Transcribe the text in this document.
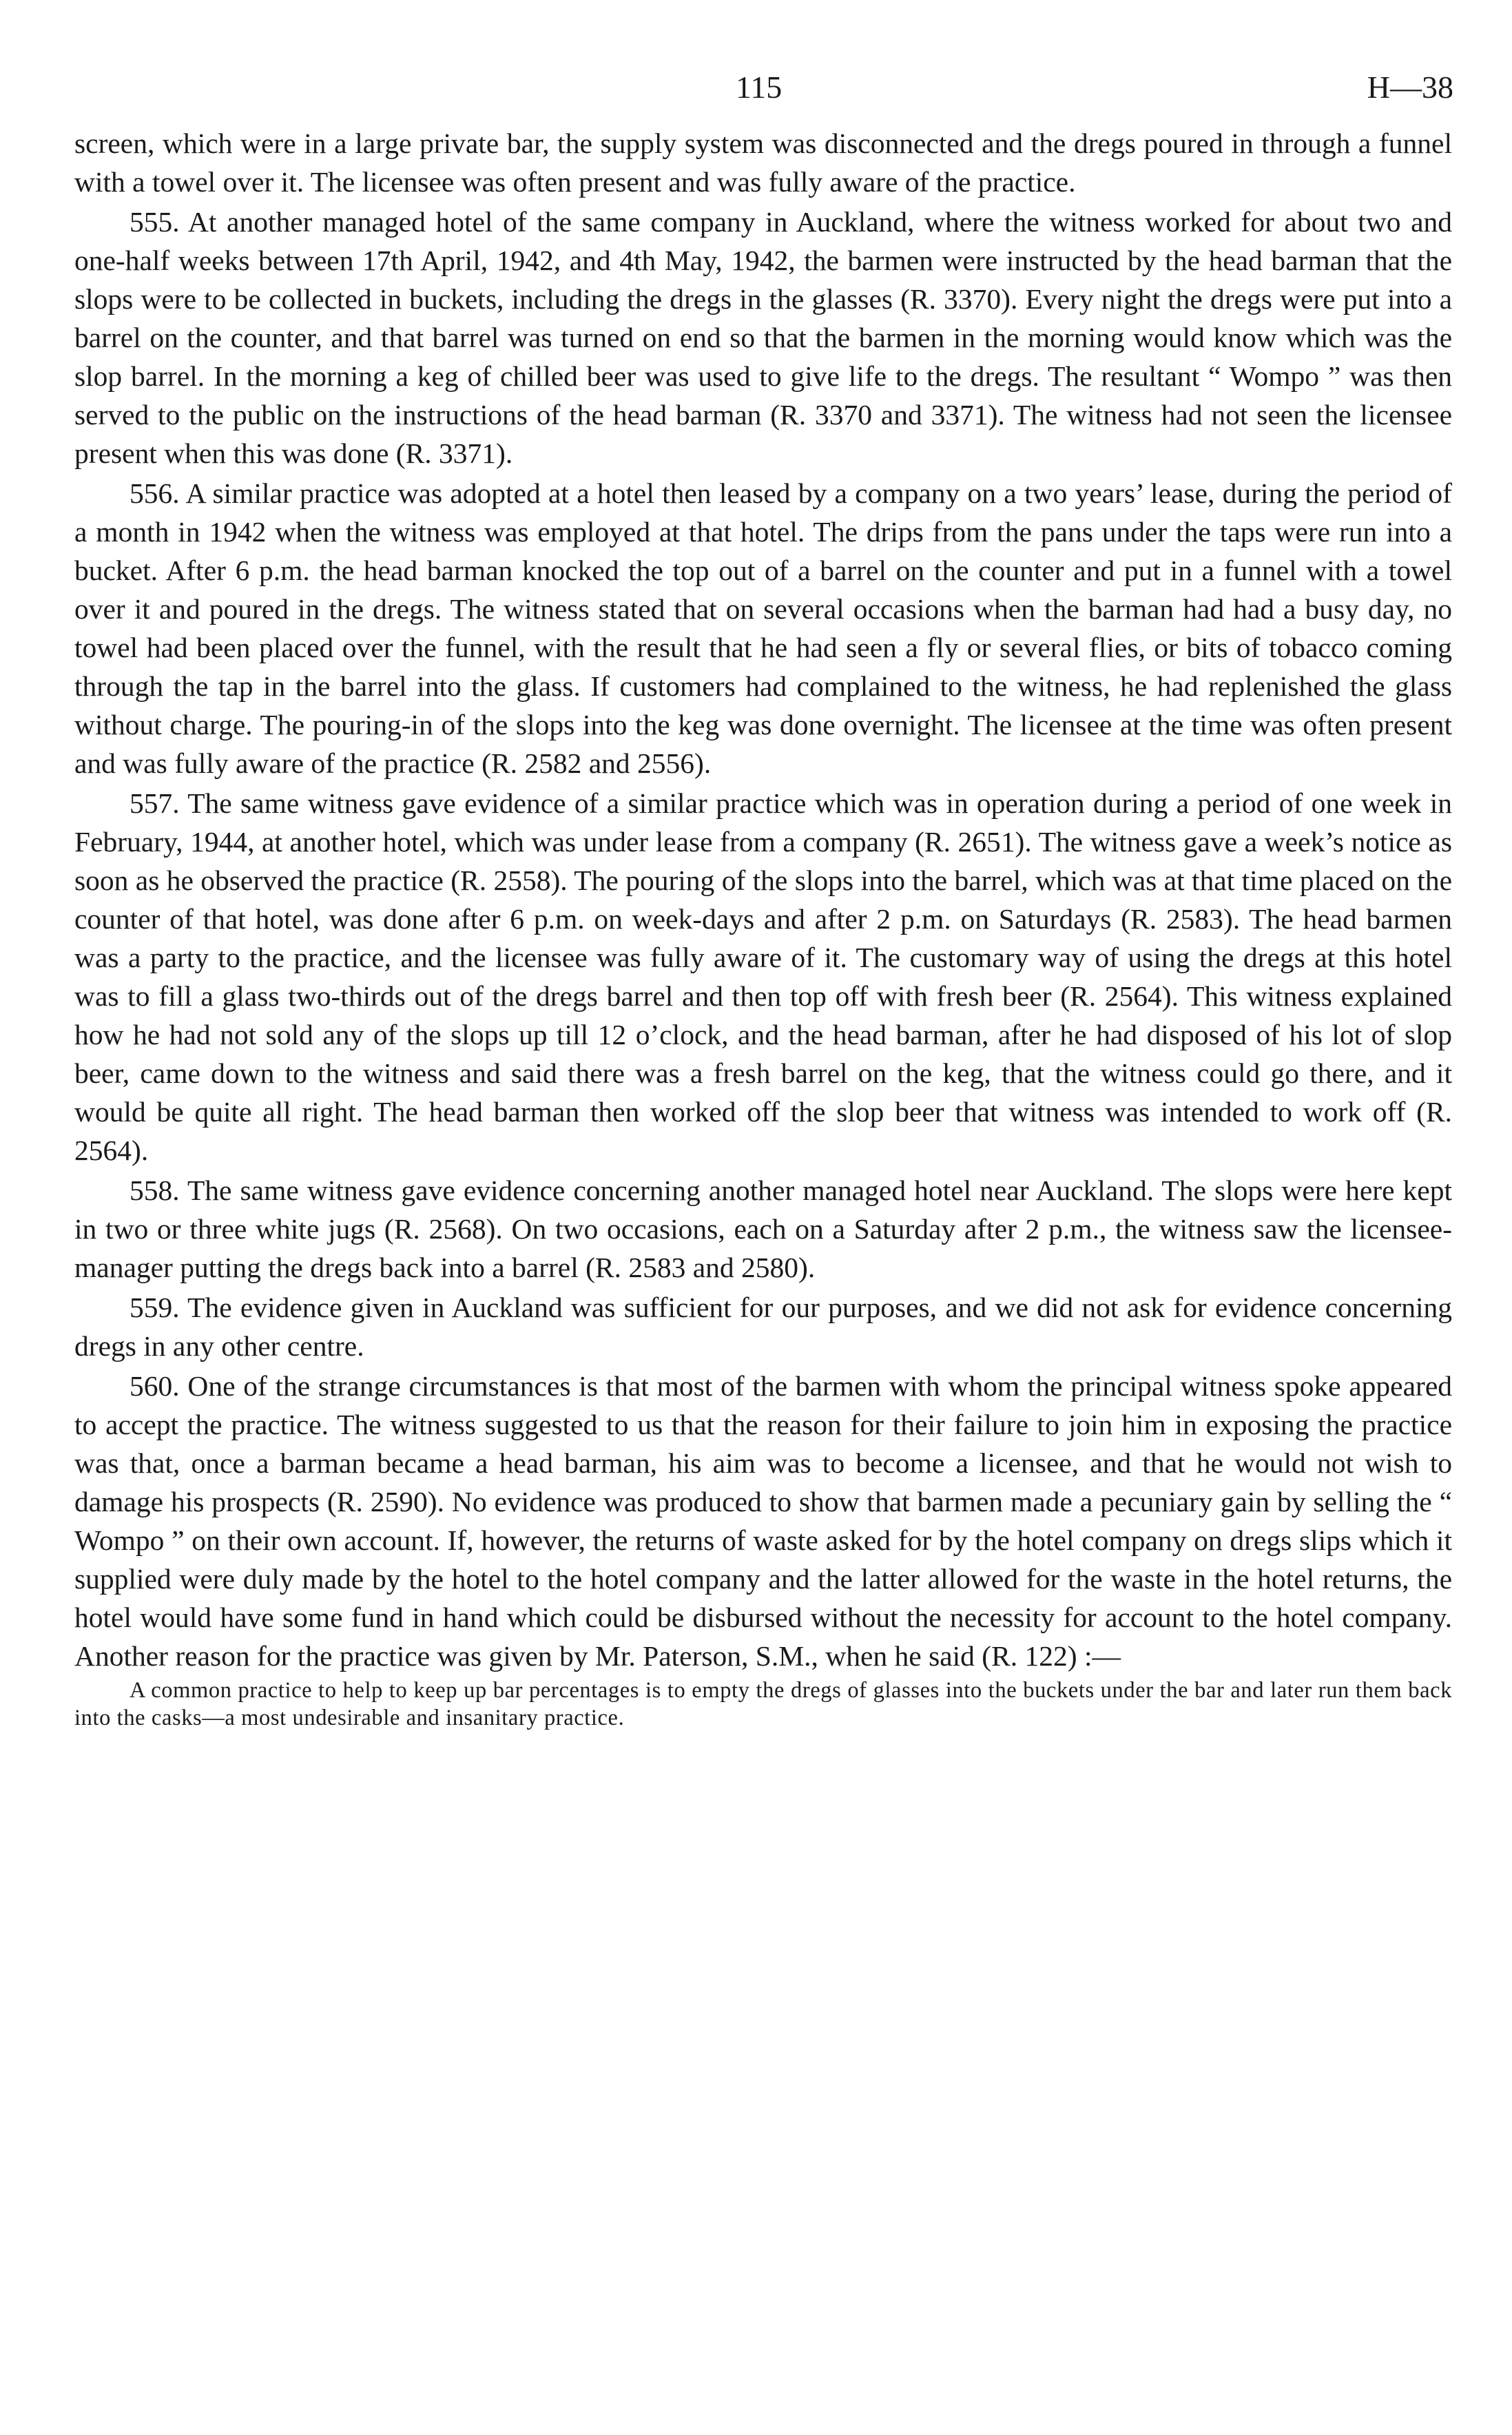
115	H—38

screen, which were in a large private bar, the supply system was disconnected and the dregs poured in through a funnel with a towel over it. The licensee was often present and was fully aware of the practice.

555. At another managed hotel of the same company in Auckland, where the witness worked for about two and one-half weeks between 17th April, 1942, and 4th May, 1942, the barmen were instructed by the head barman that the slops were to be collected in buckets, including the dregs in the glasses (R. 3370). Every night the dregs were put into a barrel on the counter, and that barrel was turned on end so that the barmen in the morning would know which was the slop barrel. In the morning a keg of chilled beer was used to give life to the dregs. The resultant “ Wompo ” was then served to the public on the instructions of the head barman (R. 3370 and 3371). The witness had not seen the licensee present when this was done (R. 3371).

556. A similar practice was adopted at a hotel then leased by a company on a two years’ lease, during the period of a month in 1942 when the witness was employed at that hotel. The drips from the pans under the taps were run into a bucket. After 6 p.m. the head barman knocked the top out of a barrel on the counter and put in a funnel with a towel over it and poured in the dregs. The witness stated that on several occasions when the barman had had a busy day, no towel had been placed over the funnel, with the result that he had seen a fly or several flies, or bits of tobacco coming through the tap in the barrel into the glass. If customers had complained to the witness, he had replenished the glass without charge. The pouring-in of the slops into the keg was done overnight. The licensee at the time was often present and was fully aware of the practice (R. 2582 and 2556).

557. The same witness gave evidence of a similar practice which was in operation during a period of one week in February, 1944, at another hotel, which was under lease from a company (R. 2651). The witness gave a week’s notice as soon as he observed the practice (R. 2558). The pouring of the slops into the barrel, which was at that time placed on the counter of that hotel, was done after 6 p.m. on week-days and after 2 p.m. on Saturdays (R. 2583). The head barmen was a party to the practice, and the licensee was fully aware of it. The customary way of using the dregs at this hotel was to fill a glass two-thirds out of the dregs barrel and then top off with fresh beer (R. 2564). This witness explained how he had not sold any of the slops up till 12 o’clock, and the head barman, after he had disposed of his lot of slop beer, came down to the witness and said there was a fresh barrel on the keg, that the witness could go there, and it would be quite all right. The head barman then worked off the slop beer that witness was intended to work off (R. 2564).

558. The same witness gave evidence concerning another managed hotel near Auckland. The slops were here kept in two or three white jugs (R. 2568). On two occasions, each on a Saturday after 2 p.m., the witness saw the licensee-manager putting the dregs back into a barrel (R. 2583 and 2580).

559. The evidence given in Auckland was sufficient for our purposes, and we did not ask for evidence concerning dregs in any other centre.

560. One of the strange circumstances is that most of the barmen with whom the principal witness spoke appeared to accept the practice. The witness suggested to us that the reason for their failure to join him in exposing the practice was that, once a barman became a head barman, his aim was to become a licensee, and that he would not wish to damage his prospects (R. 2590). No evidence was produced to show that barmen made a pecuniary gain by selling the “ Wompo ” on their own account. If, however, the returns of waste asked for by the hotel company on dregs slips which it supplied were duly made by the hotel to the hotel company and the latter allowed for the waste in the hotel returns, the hotel would have some fund in hand which could be disbursed without the necessity for account to the hotel company. Another reason for the practice was given by Mr. Paterson, S.M., when he said (R. 122) :—

A common practice to help to keep up bar percentages is to empty the dregs of glasses into the buckets under the bar and later run them back into the casks—a most undesirable and insanitary practice.
